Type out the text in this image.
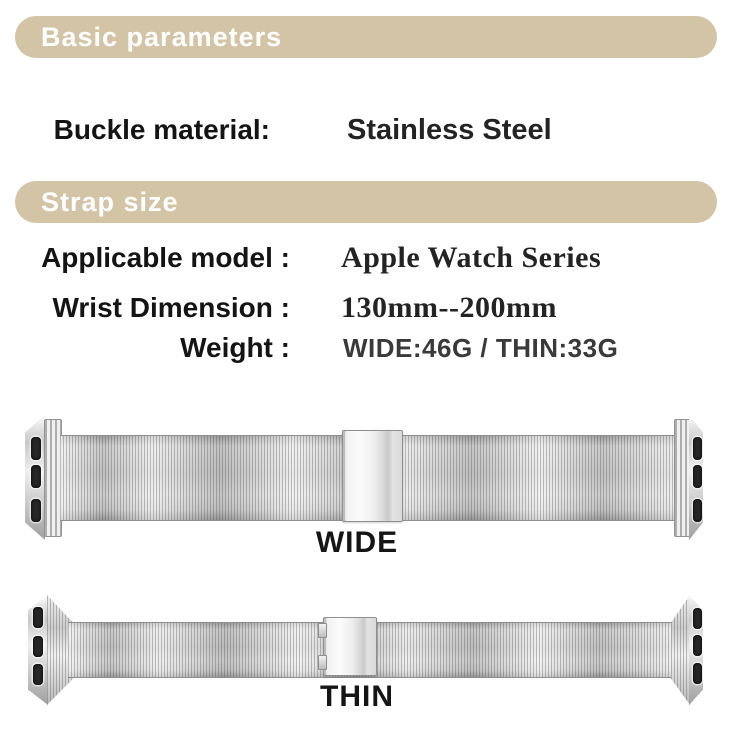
Basic parameters
Buckle material:	Stainless Steel
Strap size
Applicable model : Apple Watch Series
Wrist Dimension : 130mm--200mm
Weight : WIDE:46G / THIN:33G
WIDE
THIN
